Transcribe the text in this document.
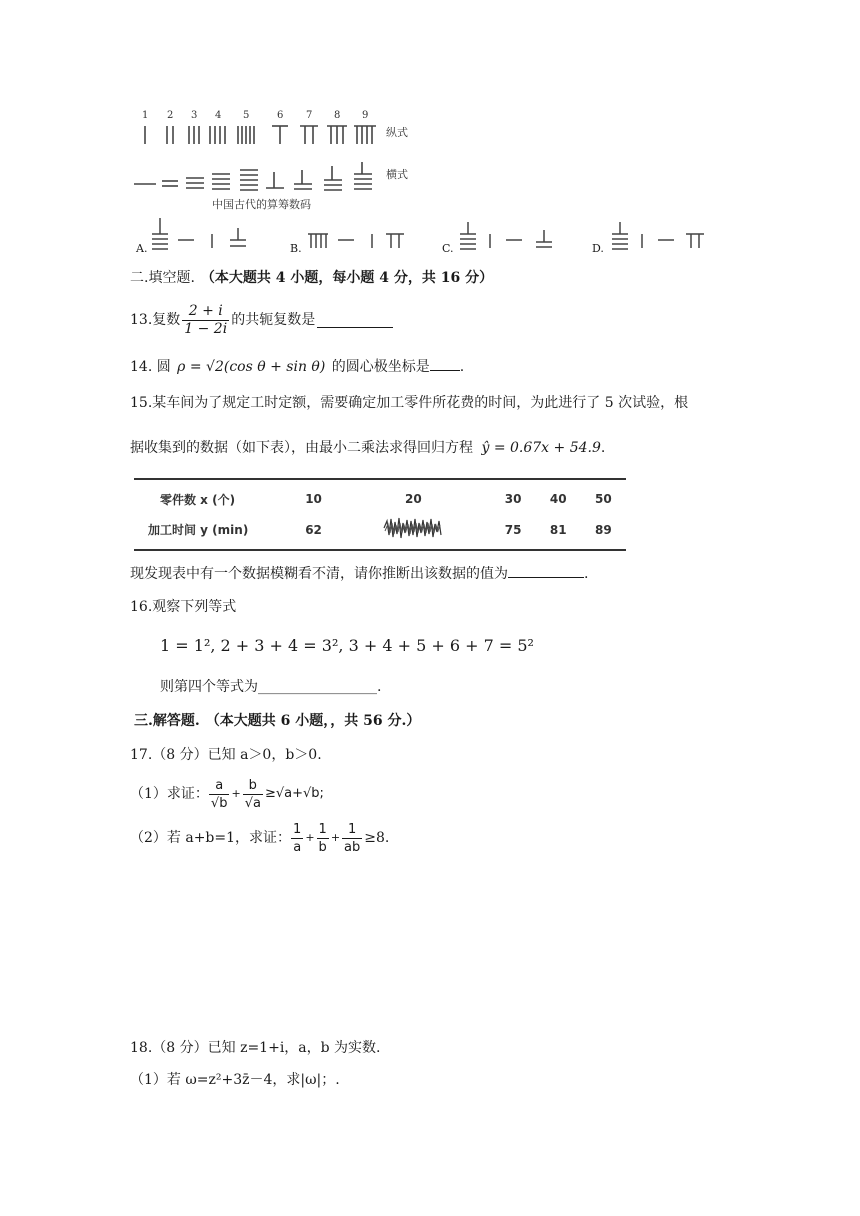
1 2 3 4 5	6 7 8 9
纵式
横式
中国古代的算筹数码
A.	B.	C.	D.
二.填空题. （本大题共 4 小题，每小题 4 分，共 16 分）
13.复数 $\frac{2 + i}{1 - 2i}$ 的共轭复数是
14. 圆 ρ = √2(cos θ + sin θ) 的圆心极坐标是 .
15.某车间为了规定工时定额，需要确定加工零件所花费的时间，为此进行了 5 次试验，根
据收集到的数据（如下表），由最小二乘法求得回归方程 ŷ = 0.67x + 54.9.
零件数 x (个)	10	20	30	40	50
加工时间 y (min)	62		75	81	89
现发现表中有一个数据模糊看不清，请你推断出该数据的值为	.
16.观察下列等式
1 = 1², 2 + 3 + 4 = 3², 3 + 4 + 5 + 6 + 7 = 5²
则第四个等式为_________________.
三.解答题. （本大题共 6 小题，，共 56 分.）
17.（8 分）已知 a＞0，b＞0.
（1）求证： $\frac{a}{√b} + \frac{b}{√a} \ge√a+√b$;
（2）若 a+b=1，求证： $\frac{1}{a} + \frac{1}{b} + \frac{1}{ab} \ge 8$.
18.（8 分）已知 z=1+i，a，b 为实数.
（1）若 ω=z²+3z̄－4，求|ω|；.
